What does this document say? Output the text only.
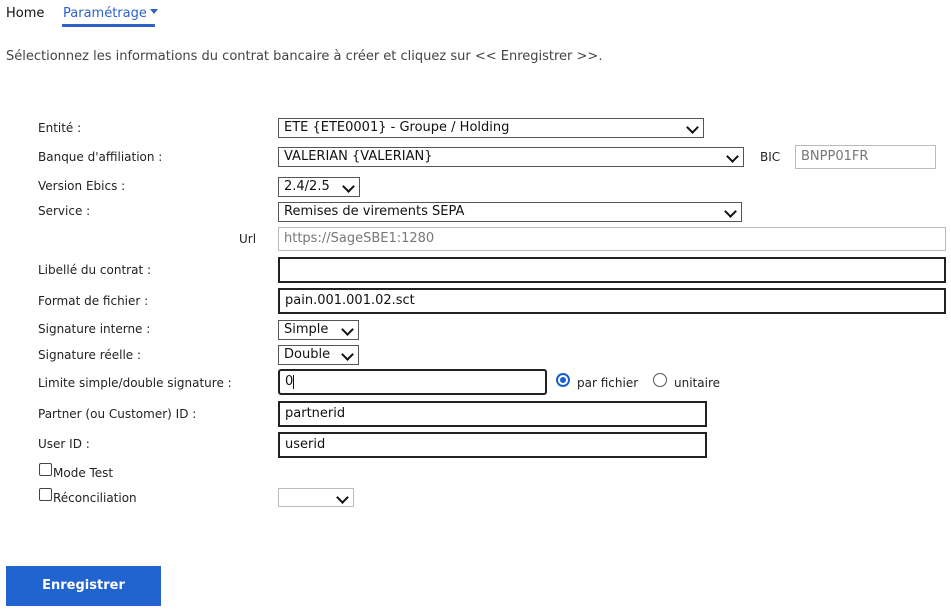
Home Paramétrage
Sélectionnez les informations du contrat bancaire à créer et cliquez sur << Enregistrer >>.
Entité :	ETE {ETE0001} - Groupe / Holding
Banque d'affiliation :	VALERIAN {VALERIAN}	BIC	BNPP01FR
Version Ebics :	2.4/2.5
Service :	Remises de virements SEPA
Url	https://SageSBE1:1280
Libellé du contrat :
Format de fichier :	pain.001.001.02.sct
Signature interne :	Simple
Signature réelle :	Double
Limite simple/double signature :	0	par fichier	unitaire
Partner (ou Customer) ID :	partnerid
User ID :	userid
Mode Test
Réconciliation
Enregistrer
